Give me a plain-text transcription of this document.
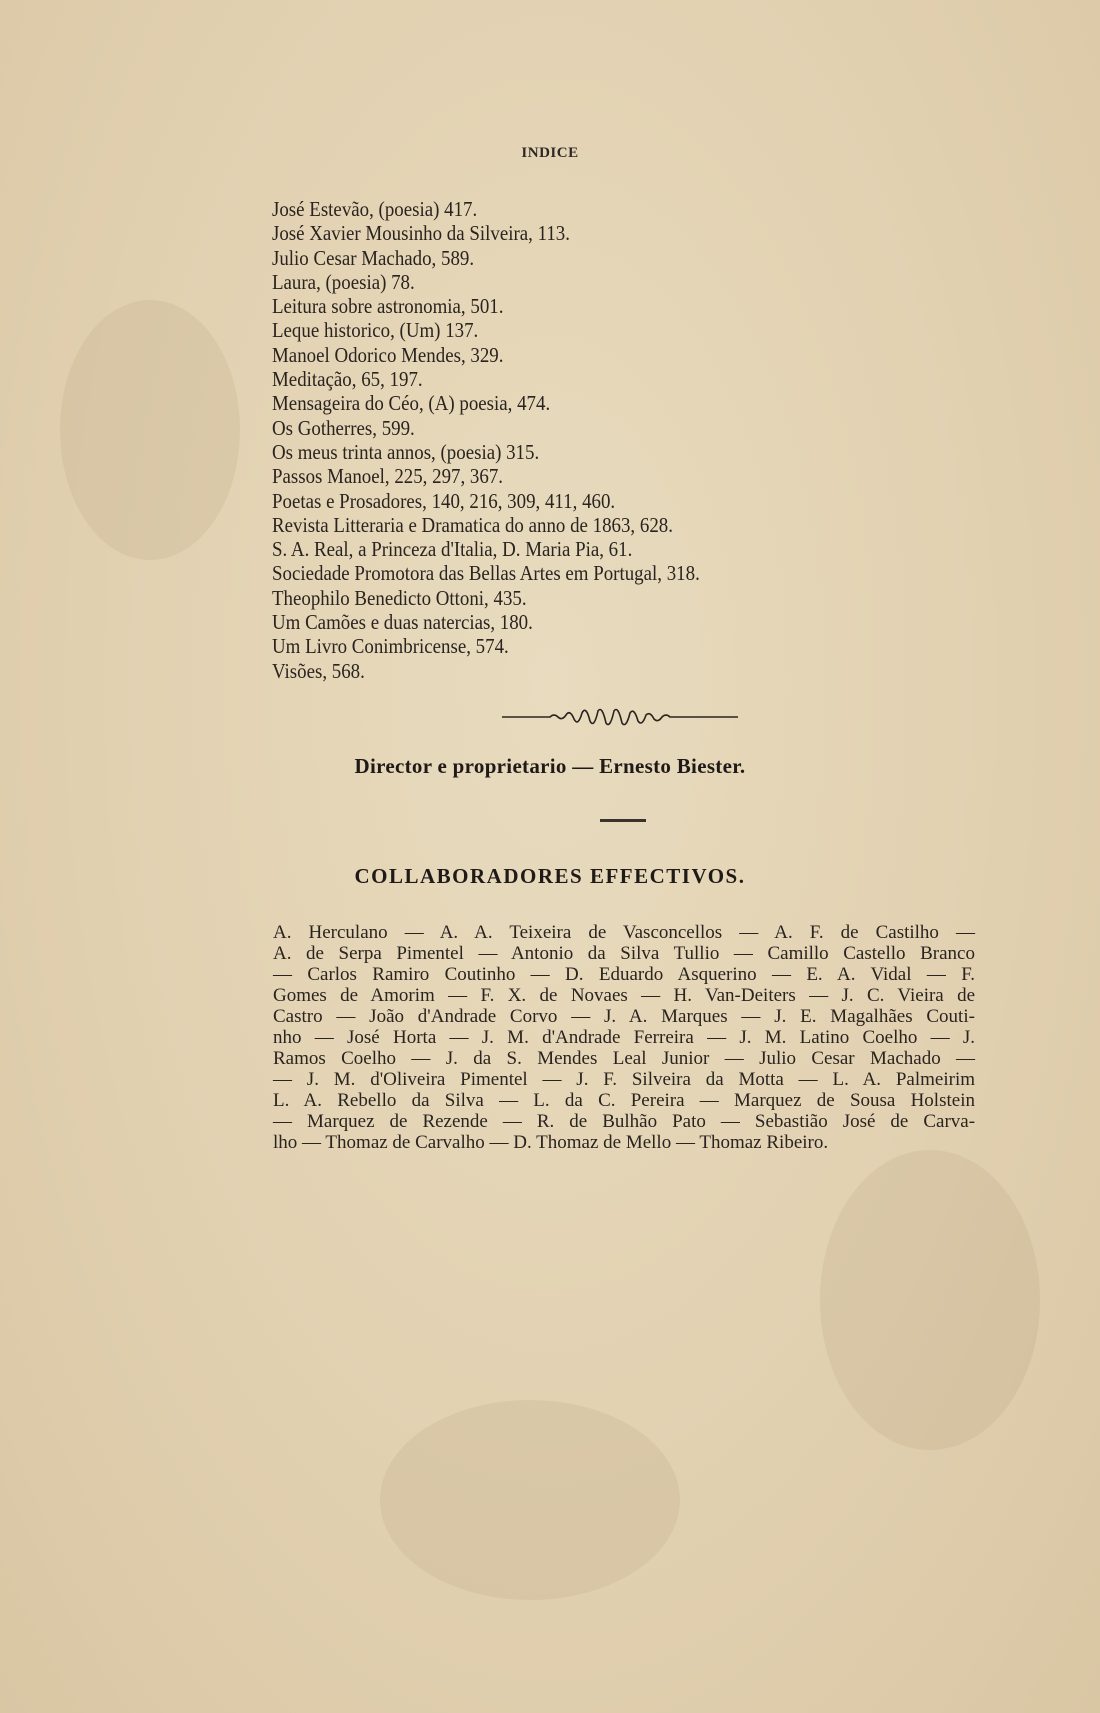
INDICE
José Estevão, (poesia) 417.
José Xavier Mousinho da Silveira, 113.
Julio Cesar Machado, 589.
Laura, (poesia) 78.
Leitura sobre astronomia, 501.
Leque historico, (Um) 137.
Manoel Odorico Mendes, 329.
Meditação, 65, 197.
Mensageira do Céo, (A) poesia, 474.
Os Gotherres, 599.
Os meus trinta annos, (poesia) 315.
Passos Manoel, 225, 297, 367.
Poetas e Prosadores, 140, 216, 309, 411, 460.
Revista Litteraria e Dramatica do anno de 1863, 628.
S. A. Real, a Princeza d'Italia, D. Maria Pia, 61.
Sociedade Promotora das Bellas Artes em Portugal, 318.
Theophilo Benedicto Ottoni, 435.
Um Camões e duas natercias, 180.
Um Livro Conimbricense, 574.
Visões, 568.
Director e proprietario — Ernesto Biester.
COLLABORADORES EFFECTIVOS.
A. Herculano — A. A. Teixeira de Vasconcellos — A. F. de Castilho —
A. de Serpa Pimentel — Antonio da Silva Tullio — Camillo Castello Branco
— Carlos Ramiro Coutinho — D. Eduardo Asquerino — E. A. Vidal — F.
Gomes de Amorim — F. X. de Novaes — H. Van-Deiters — J. C. Vieira de
Castro — João d'Andrade Corvo — J. A. Marques — J. E. Magalhães Couti-
nho — José Horta — J. M. d'Andrade Ferreira — J. M. Latino Coelho — J.
Ramos Coelho — J. da S. Mendes Leal Junior — Julio Cesar Machado —
— J. M. d'Oliveira Pimentel — J. F. Silveira da Motta — L. A. Palmeirim
L. A. Rebello da Silva — L. da C. Pereira — Marquez de Sousa Holstein
— Marquez de Rezende — R. de Bulhão Pato — Sebastião José de Carva-
lho — Thomaz de Carvalho — D. Thomaz de Mello — Thomaz Ribeiro.
